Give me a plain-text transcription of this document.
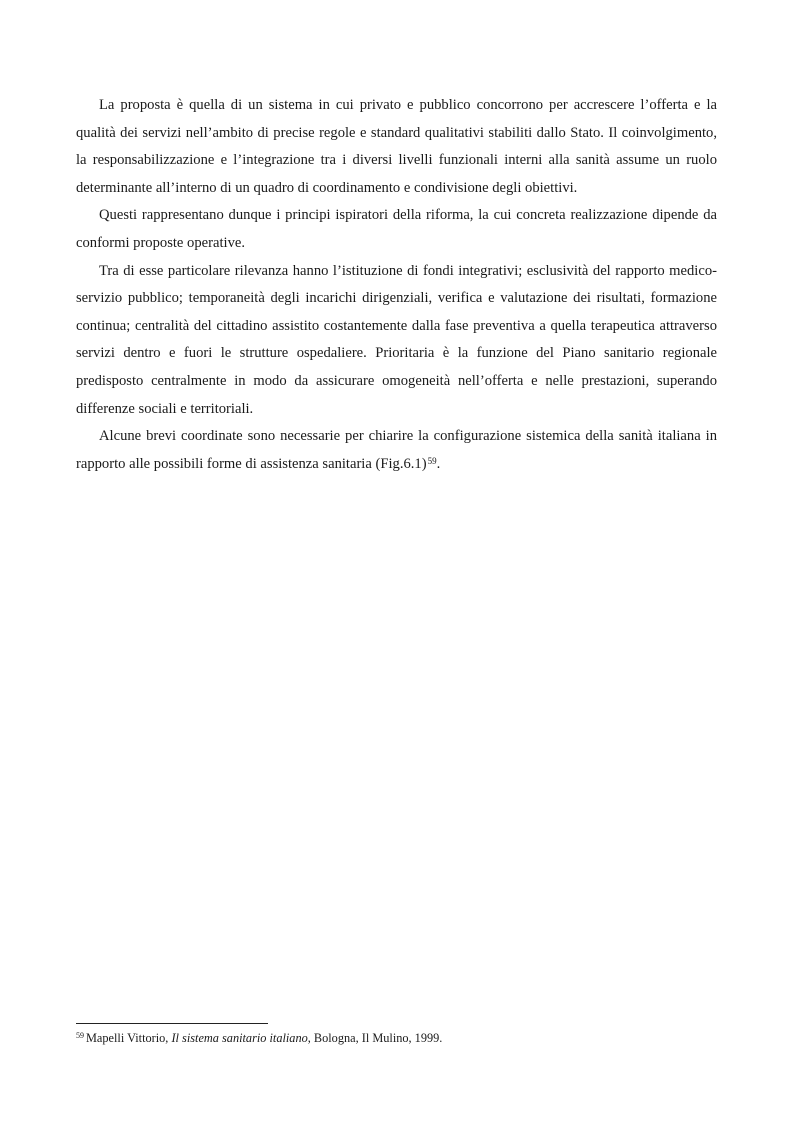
La proposta è quella di un sistema in cui privato e pubblico concorrono per accrescere l’offerta e la qualità dei servizi nell’ambito di precise regole e standard qualitativi stabiliti dallo Stato. Il coinvolgimento, la responsabilizzazione e l’integrazione tra i diversi livelli funzionali interni alla sanità assume un ruolo determinante all’interno di un quadro di coordinamento e condivisione degli obiettivi.

Questi rappresentano dunque i principi ispiratori della riforma, la cui concreta realizzazione dipende da conformi proposte operative.

Tra di esse particolare rilevanza hanno l’istituzione di fondi integrativi; esclusività del rapporto medico-servizio pubblico; temporaneità degli incarichi dirigenziali, verifica e valutazione dei risultati, formazione continua; centralità del cittadino assistito costantemente dalla fase preventiva a quella terapeutica attraverso servizi dentro e fuori le strutture ospedaliere. Prioritaria è la funzione del Piano sanitario regionale predisposto centralmente in modo da assicurare omogeneità nell’offerta e nelle prestazioni, superando differenze sociali e territoriali.

Alcune brevi coordinate sono necessarie per chiarire la configurazione sistemica della sanità italiana in rapporto alle possibili forme di assistenza sanitaria (Fig.6.1)$^{59}$.

$^{59}$ Mapelli Vittorio, Il sistema sanitario italiano, Bologna, Il Mulino, 1999.
